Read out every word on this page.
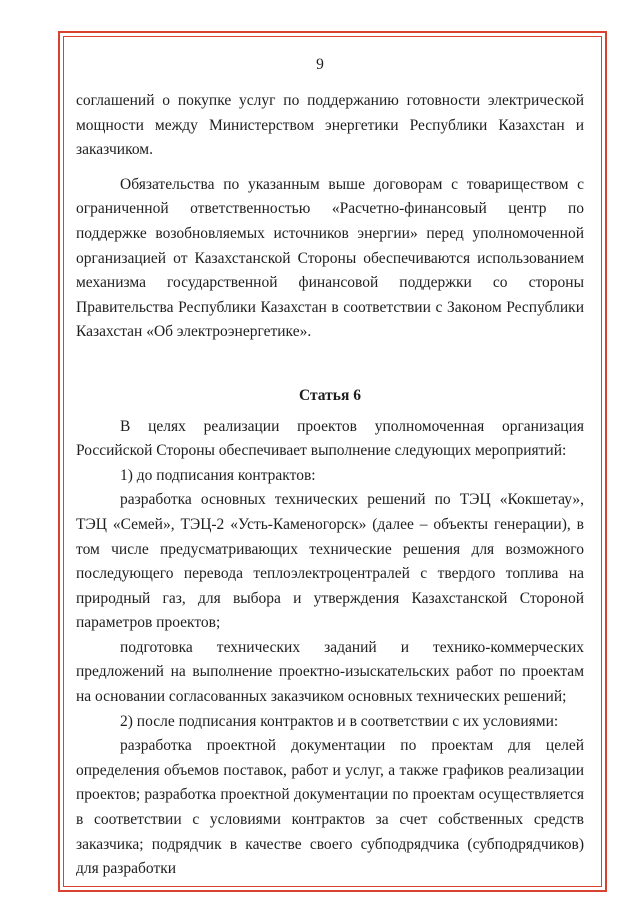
9

соглашений о покупке услуг по поддержанию готовности электрической мощности между Министерством энергетики Республики Казахстан и заказчиком.

Обязательства по указанным выше договорам с товариществом с ограниченной ответственностью «Расчетно-финансовый центр по поддержке возобновляемых источников энергии» перед уполномоченной организацией от Казахстанской Стороны обеспечиваются использованием механизма государственной финансовой поддержки со стороны Правительства Республики Казахстан в соответствии с Законом Республики Казахстан «Об электроэнергетике».

Статья 6

В целях реализации проектов уполномоченная организация Российской Стороны обеспечивает выполнение следующих мероприятий:

1) до подписания контрактов:

разработка основных технических решений по ТЭЦ «Кокшетау», ТЭЦ «Семей», ТЭЦ-2 «Усть-Каменогорск» (далее – объекты генерации), в том числе предусматривающих технические решения для возможного последующего перевода теплоэлектроцентралей с твердого топлива на природный газ, для выбора и утверждения Казахстанской Стороной параметров проектов;

подготовка технических заданий и технико-коммерческих предложений на выполнение проектно-изыскательских работ по проектам на основании согласованных заказчиком основных технических решений;

2) после подписания контрактов и в соответствии с их условиями:

разработка проектной документации по проектам для целей определения объемов поставок, работ и услуг, а также графиков реализации проектов; разработка проектной документации по проектам осуществляется в соответствии с условиями контрактов за счет собственных средств заказчика; подрядчик в качестве своего субподрядчика (субподрядчиков) для разработки
